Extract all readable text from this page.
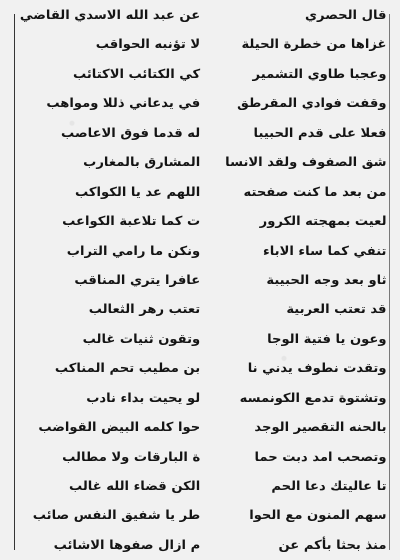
قال الحصري
عن عبد الله الاسدي القاضي
غزاها من خطرة الحيلة
لا تؤنبه الحواقب
وعجبا طاوي التشمير
كي الكتائب الاكتائب
وقفت فوادي المقرطق
في يدعاني ذللا ومواهب
فعلا على قدم الحبيبا
له قدما فوق الاعاصب
شق الصفوف ولقد الانسا
المشارق بالمغارب
من بعد ما كنت صفحته
اللهم عد يا الكواكب
لعيت بمهجته الكرور
ت كما تلاعبة الكواعب
تنفي كما ساء الاباء
ونكن ما رامي التراب
ثاو بعد وجه الحبيبة
عافرا يتري المناقب
قد تعتب العربية
تعتب رهر الثعالب
وعون يا فتية الوجا
وتقون ثنيات غالب
وتقدت نطوف يدني نا
بن مطيب تحم المناكب
وتشتوة تدمع الكونمسه
لو يحيت بداء نادب
بالحنه التقصير الوجد
حوا كلمه البيض القواضب
وتصحب امد دبت حما
ة البارقات ولا مطالب
تا عاليتك دعا الحم
الكن قضاء الله غالب
سهم المنون مع الحوا
طر يا شفيق النفس صائب
منذ بحثا بأكم عن
م ازال صفوها الاشائب
